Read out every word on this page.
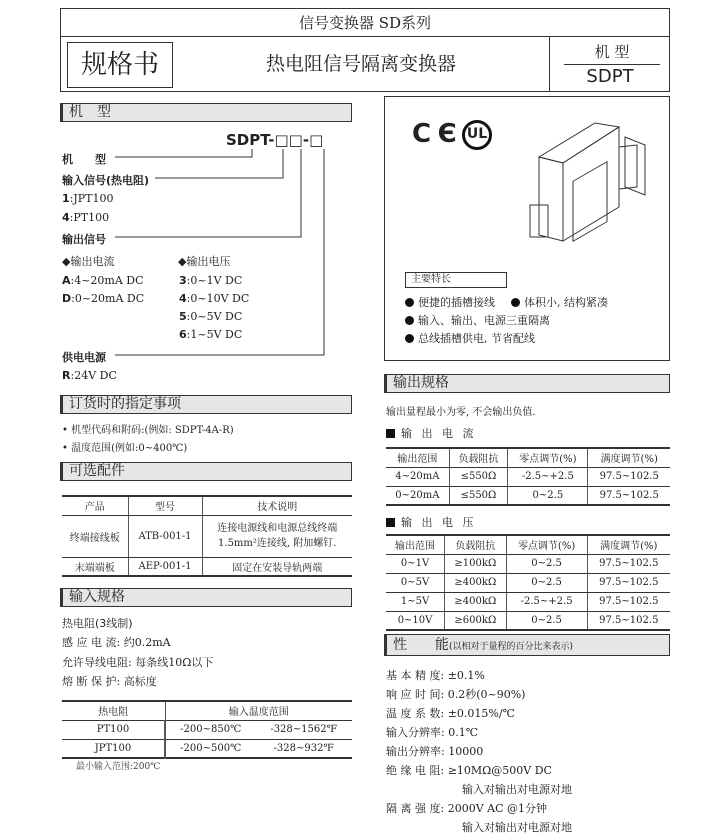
信号变换器 SD系列
规格书	热电阻信号隔离变换器
机 型
SDPT
机　型
SDPT-□□-□
机　　型
输入信号(热电阻)
1:JPT100
4:PT100
输出信号
◆输出电流	◆输出电压
A:4~20mA DC
D:0~20mA DC
3:0~1V DC
4:0~10V DC
5:0~5V DC
6:1~5V DC
供电电源
R:24V DC
订货时的指定事项
• 机型代码和附码:(例如: SDPT-4A-R)
• 温度范围(例如:0~400℃)
可选配件
产品	型号	技术说明
终端接线板	ATB-001-1	连接电源线和电源总线终端
1.5mm²连接线, 附加螺钉.

末端端板	AEP-001-1	固定在安装导轨两端
输入规格
热电阻(3线制)
感 应 电 流: 约0.2mA
允许导线电阻: 每条线10Ω以下
熔 断 保 护: 高标度
热电阻	输入温度范围	
PT100	-200~850℃	-328~1562℉
JPT100	-200~500℃	-328~932℉
最小输入范围:200℃
C Є UL
主要特长
便捷的插槽接线	体积小, 结构紧凑
输入、输出、电源三重隔离
总线插槽供电, 节省配线
输出规格
输出量程最小为零, 不会输出负值.
输 出 电 流
输出范围	负载阻抗	零点调节(%)	满度调节(%)
4~20mA	≤550Ω	-2.5~+2.5	97.5~102.5
0~20mA	≤550Ω	0~2.5	97.5~102.5
输 出 电 压
输出范围	负载阻抗	零点调节(%)	满度调节(%)
0~1V	≥100kΩ	0~2.5	97.5~102.5
0~5V	≥400kΩ	0~2.5	97.5~102.5
1~5V	≥400kΩ	-2.5~+2.5	97.5~102.5
0~10V	≥600kΩ	0~2.5	97.5~102.5
性　　能(以相对于量程的百分比来表示)
基 本 精 度: ±0.1%
响 应 时 间: 0.2秒(0~90%)
温 度 系 数: ±0.015%/℃
输入分辨率: 0.1℃
输出分辨率: 10000
绝 缘 电 阻: ≥10MΩ@500V DC
输入对输出对电源对地
隔 离 强 度: 2000V AC @1分钟
输入对输出对电源对地
